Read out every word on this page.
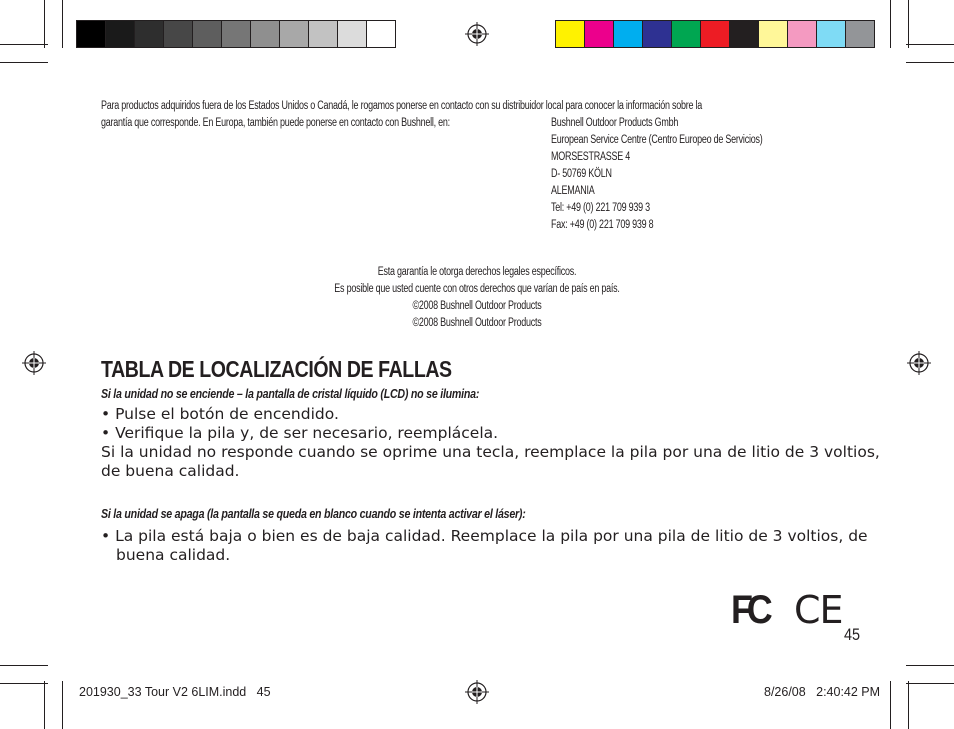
Para productos adquiridos fuera de los Estados Unidos o Canadá, le rogamos ponerse en contacto con su distribuidor local para conocer la información sobre la
garantía que corresponde. En Europa, también puede ponerse en contacto con Bushnell, en:	Bushnell Outdoor Products Gmbh
European Service Centre (Centro Europeo de Servicios)
MORSESTRASSE 4
D- 50769 KÖLN
ALEMANIA
Tel: +49 (0) 221 709 939 3
Fax: +49 (0) 221 709 939 8
Esta garantía le otorga derechos legales específicos.
Es posible que usted cuente con otros derechos que varían de país en país.
©2008 Bushnell Outdoor Products
©2008 Bushnell Outdoor Products
TABLA DE LOCALIZACIÓN DE FALLAS
Si la unidad no se enciende – la pantalla de cristal líquido (LCD) no se ilumina:
• Pulse el botón de encendido.
• Verifique la pila y, de ser necesario, reemplácela.
Si la unidad no responde cuando se oprime una tecla, reemplace la pila por una de litio de 3 voltios,
de buena calidad.
Si la unidad se apaga (la pantalla se queda en blanco cuando se intenta activar el láser):
• La pila está baja o bien es de baja calidad. Reemplace la pila por una pila de litio de 3 voltios, de
buena calidad.
FC CE
45
201930_33 Tour V2 6LIM.indd   45	8/26/08   2:40:42 PM
